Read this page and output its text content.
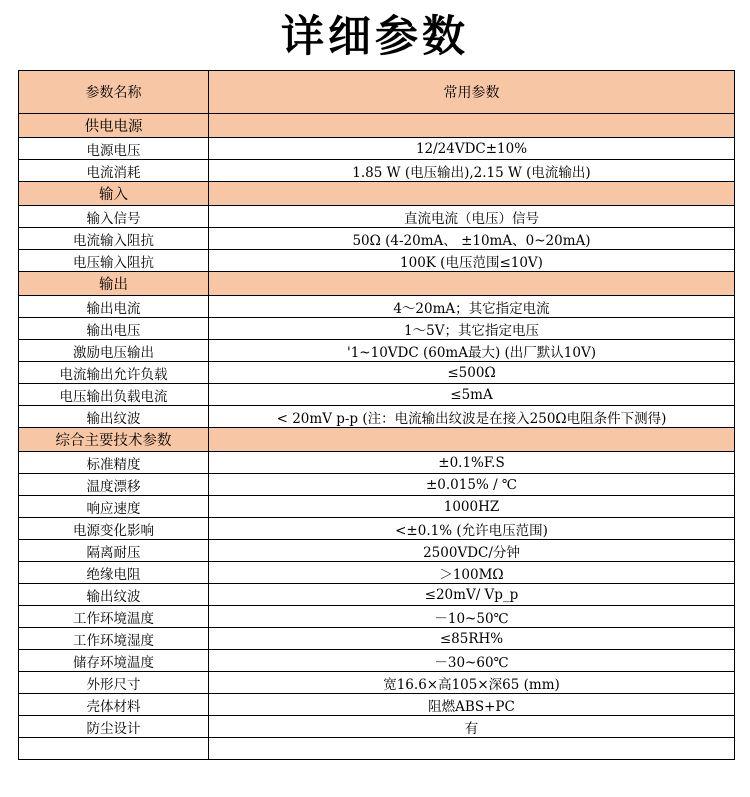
详细参数
参数名称	常用参数
供电电源	
电源电压	12/24VDC±10%
电流消耗	1.85 W (电压输出),2.15 W (电流输出)
输入	
输入信号	直流电流（电压）信号
电流输入阻抗	50Ω (4-20mA、 ±10mA、0~20mA)
电压输入阻抗	100K (电压范围≤10V)
输出	
输出电流	4～20mA；其它指定电流
输出电压	1～5V；其它指定电压
激励电压输出	'1~10VDC (60mA最大) (出厂默认10V)
电流输出允许负载	≤500Ω
电压输出负载电流	≤5mA
输出纹波	< 20mV p-p (注：电流输出纹波是在接入250Ω电阻条件下测得)
综合主要技术参数	
标准精度	±0.1%F.S
温度漂移	±0.015% / ℃
响应速度	1000HZ
电源变化影响	<±0.1% (允许电压范围)
隔离耐压	2500VDC/分钟
绝缘电阻	＞100MΩ
输出纹波	≤20mV/ Vp_p
工作环境温度	－10~50℃
工作环境湿度	≤85RH%
储存环境温度	－30~60℃
外形尺寸	宽16.6×高105×深65 (mm)
壳体材料	阻燃ABS+PC
防尘设计	有
